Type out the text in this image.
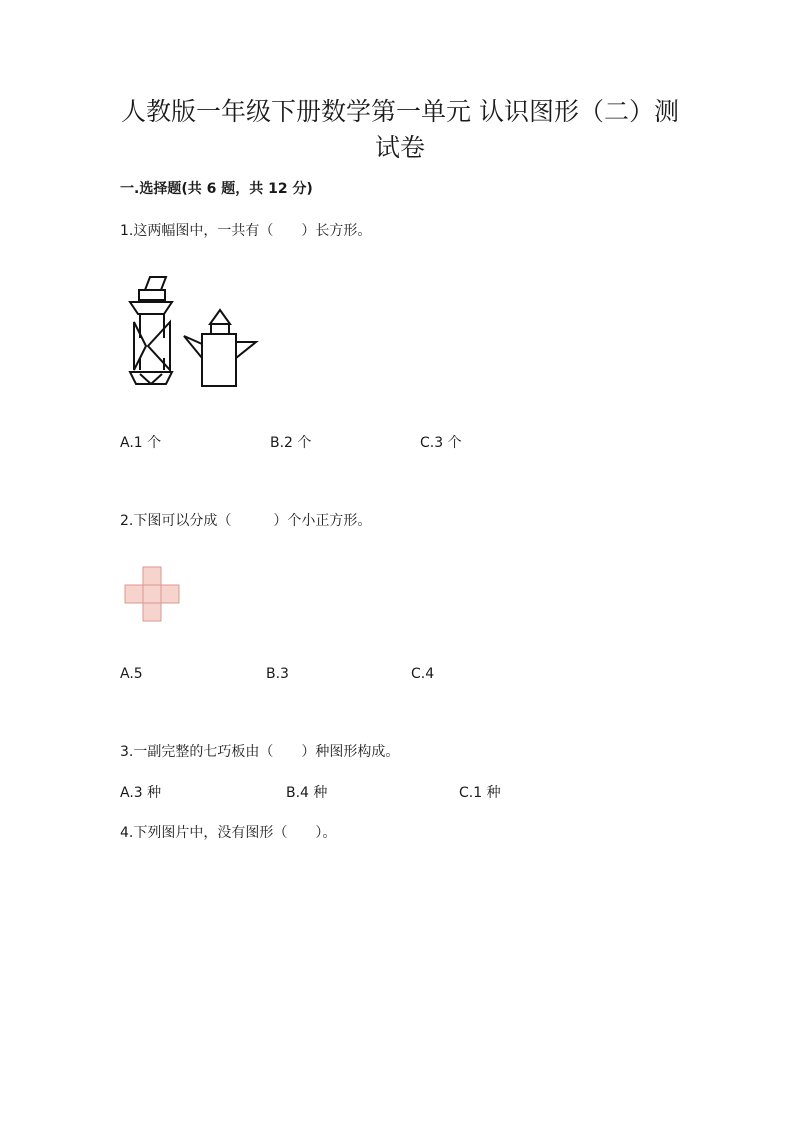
人教版一年级下册数学第一单元 认识图形（二）测
试卷
一.选择题(共 6 题，共 12 分)
1.这两幅图中，一共有（　　）长方形。
A.1 个	B.2 个	C.3 个
2.下图可以分成（　　　）个小正方形。
A.5	B.3	C.4
3.一副完整的七巧板由（　　）种图形构成。
A.3 种	B.4 种	C.1 种
4.下列图片中，没有图形（　　）。
